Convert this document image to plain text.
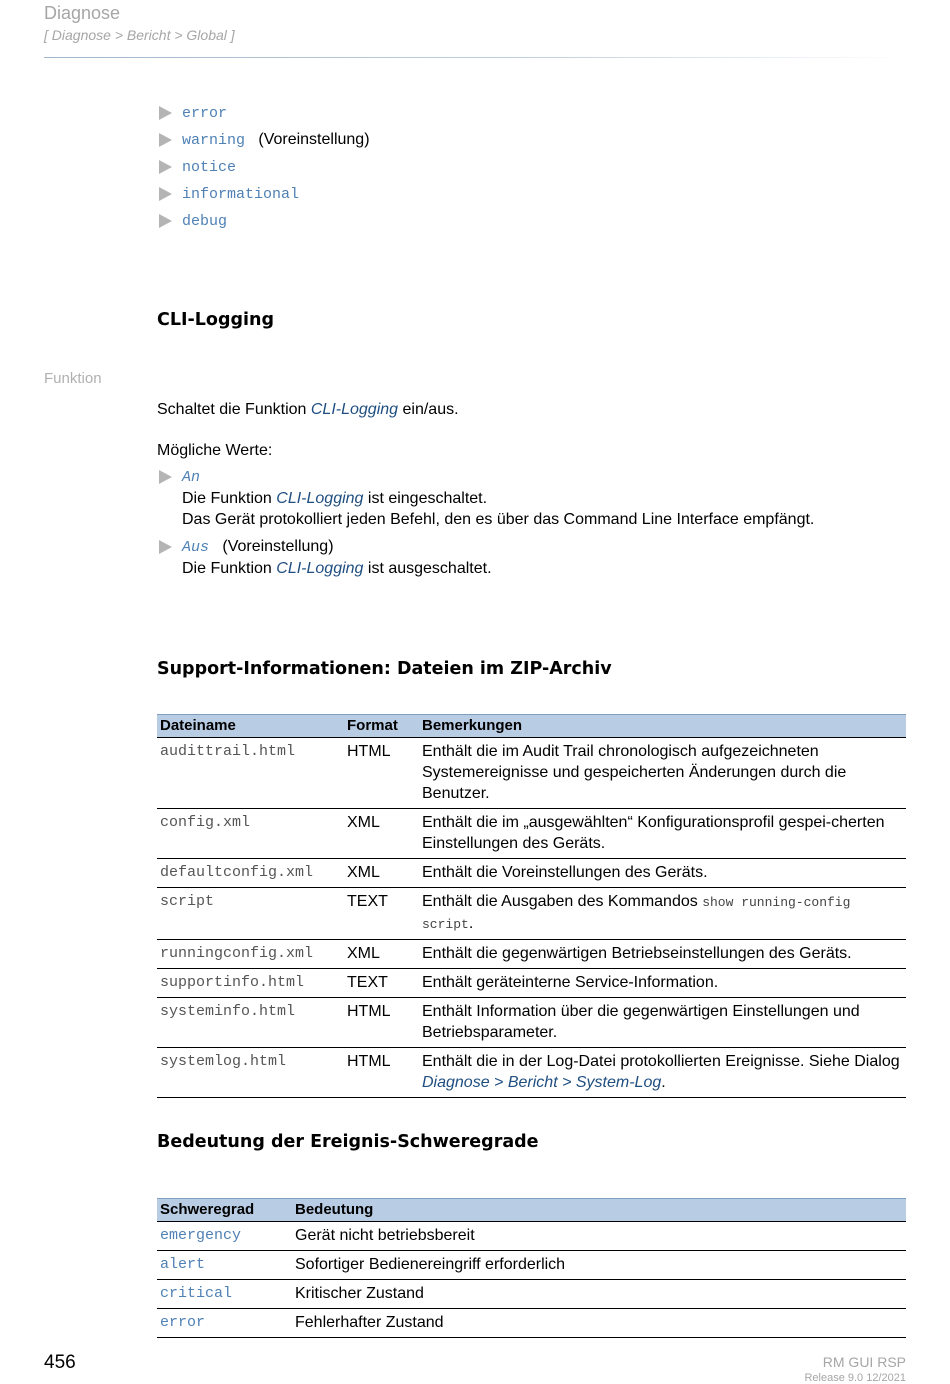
Diagnose
[ Diagnose > Bericht > Global ]
error
warning (Voreinstellung)
notice
informational
debug
CLI-Logging
Funktion
Schaltet die Funktion CLI-Logging ein/aus.
Mögliche Werte:
An
Die Funktion CLI-Logging ist eingeschaltet.
Das Gerät protokolliert jeden Befehl, den es über das Command Line Interface empfängt.
Aus (Voreinstellung)
Die Funktion CLI-Logging ist ausgeschaltet.
Support-Informationen: Dateien im ZIP-Archiv
Dateiname	Format	Bemerkungen
audittrail.html	HTML	Enthält die im Audit Trail chronologisch aufgezeichneten Systemereignisse und gespeicherten Änderungen durch die Benutzer.
config.xml	XML	Enthält die im „ausgewählten“ Konfigurationsprofil gespei-cherten Einstellungen des Geräts.
defaultconfig.xml	XML	Enthält die Voreinstellungen des Geräts.
script	TEXT	Enthält die Ausgaben des Kommandos show running-config script.
runningconfig.xml	XML	Enthält die gegenwärtigen Betriebseinstellungen des Geräts.
supportinfo.html	TEXT	Enthält geräteinterne Service-Information.
systeminfo.html	HTML	Enthält Information über die gegenwärtigen Einstellungen und Betriebsparameter.
systemlog.html	HTML	Enthält die in der Log-Datei protokollierten Ereignisse. Siehe Dialog Diagnose > Bericht > System-Log.
Bedeutung der Ereignis-Schweregrade
Schweregrad	Bedeutung
emergency	Gerät nicht betriebsbereit
alert	Sofortiger Bedienereingriff erforderlich
critical	Kritischer Zustand
error	Fehlerhafter Zustand
456	RM GUI RSP
Release 9.0 12/2021
